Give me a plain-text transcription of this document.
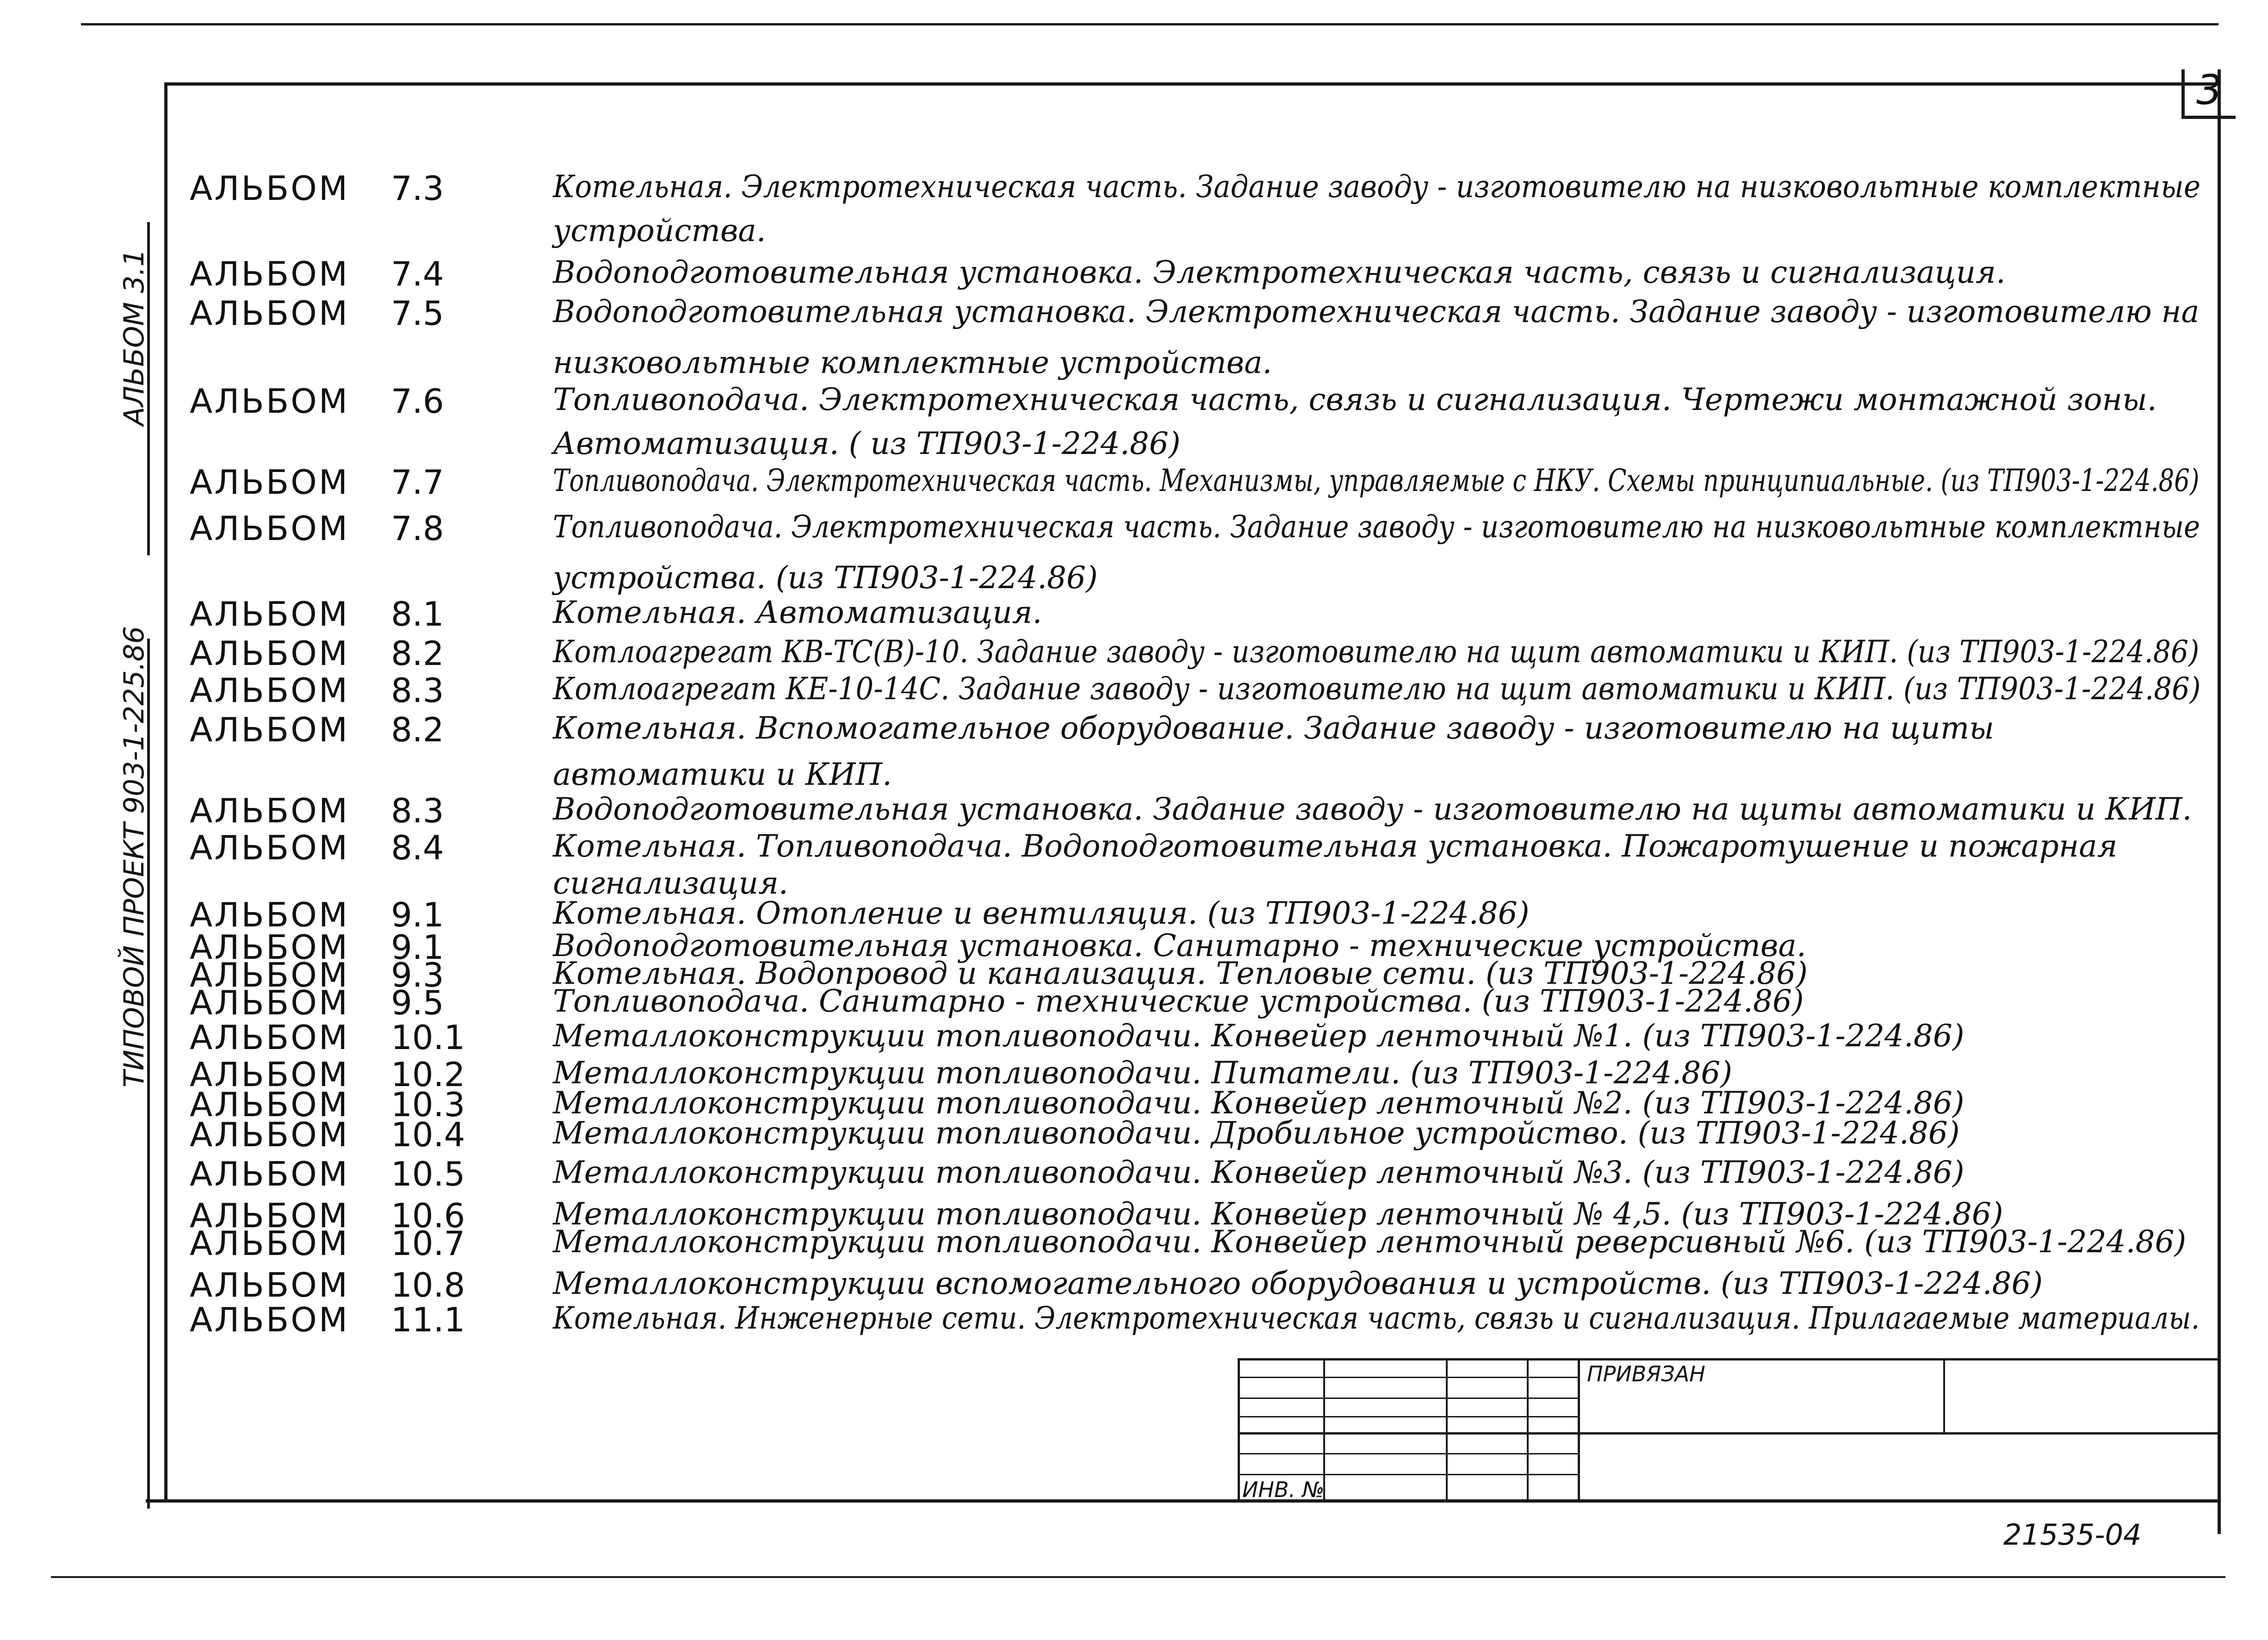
3
АЛЬБОМ 3.1
ТИПОВОЙ ПРОЕКТ 903-1-225.86
АЛЬБОМ 7.3	Котельная. Электротехническая часть. Задание заводу - изготовителю на низковольтные комплектные
устройства.
АЛЬБОМ 7.4	Водоподготовительная установка. Электротехническая часть, связь и сигнализация.
АЛЬБОМ 7.5	Водоподготовительная установка. Электротехническая часть. Задание заводу - изготовителю на
низковольтные комплектные устройства.
АЛЬБОМ 7.6	Топливоподача. Электротехническая часть, связь и сигнализация. Чертежи монтажной зоны.
Автоматизация. ( из ТП903-1-224.86)
АЛЬБОМ 7.7	Топливоподача. Электротехническая часть. Механизмы, управляемые с НКУ. Схемы принципиальные. (из ТП903-1-224.86)
АЛЬБОМ 7.8	Топливоподача. Электротехническая часть. Задание заводу - изготовителю на низковольтные комплектные
устройства. (из ТП903-1-224.86)
АЛЬБОМ 8.1	Котельная. Автоматизация.
АЛЬБОМ 8.2	Котлоагрегат КВ-ТС(В)-10. Задание заводу - изготовителю на щит автоматики и КИП. (из ТП903-1-224.86)
АЛЬБОМ 8.3	Котлоагрегат КЕ-10-14С. Задание заводу - изготовителю на щит автоматики и КИП. (из ТП903-1-224.86)
АЛЬБОМ 8.2	Котельная. Вспомогательное оборудование. Задание заводу - изготовителю на щиты
автоматики и КИП.
АЛЬБОМ 8.3	Водоподготовительная установка. Задание заводу - изготовителю на щиты автоматики и КИП.
АЛЬБОМ 8.4	Котельная. Топливоподача. Водоподготовительная установка. Пожаротушение и пожарная
сигнализация.
АЛЬБОМ 9.1	Котельная. Отопление и вентиляция. (из ТП903-1-224.86)
АЛЬБОМ 9.1	Водоподготовительная установка. Санитарно - технические устройства.
АЛЬБОМ 9.3	Котельная. Водопровод и канализация. Тепловые сети. (из ТП903-1-224.86)
АЛЬБОМ 9.5	Топливоподача. Санитарно - технические устройства. (из ТП903-1-224.86)
АЛЬБОМ 10.1	Металлоконструкции топливоподачи. Конвейер ленточный №1. (из ТП903-1-224.86)
АЛЬБОМ 10.2	Металлоконструкции топливоподачи. Питатели. (из ТП903-1-224.86)
АЛЬБОМ 10.3	Металлоконструкции топливоподачи. Конвейер ленточный №2. (из ТП903-1-224.86)
АЛЬБОМ 10.4	Металлоконструкции топливоподачи. Дробильное устройство. (из ТП903-1-224.86)
АЛЬБОМ 10.5	Металлоконструкции топливоподачи. Конвейер ленточный №3. (из ТП903-1-224.86)
АЛЬБОМ 10.6	Металлоконструкции топливоподачи. Конвейер ленточный № 4,5. (из ТП903-1-224.86)
АЛЬБОМ 10.7	Металлоконструкции топливоподачи. Конвейер ленточный реверсивный №6. (из ТП903-1-224.86)
АЛЬБОМ 10.8	Металлоконструкции вспомогательного оборудования и устройств. (из ТП903-1-224.86)
АЛЬБОМ 11.1	Котельная. Инженерные сети. Электротехническая часть, связь и сигнализация. Прилагаемые материалы.
ПРИВЯЗАН
ИНВ. №
21535-04
